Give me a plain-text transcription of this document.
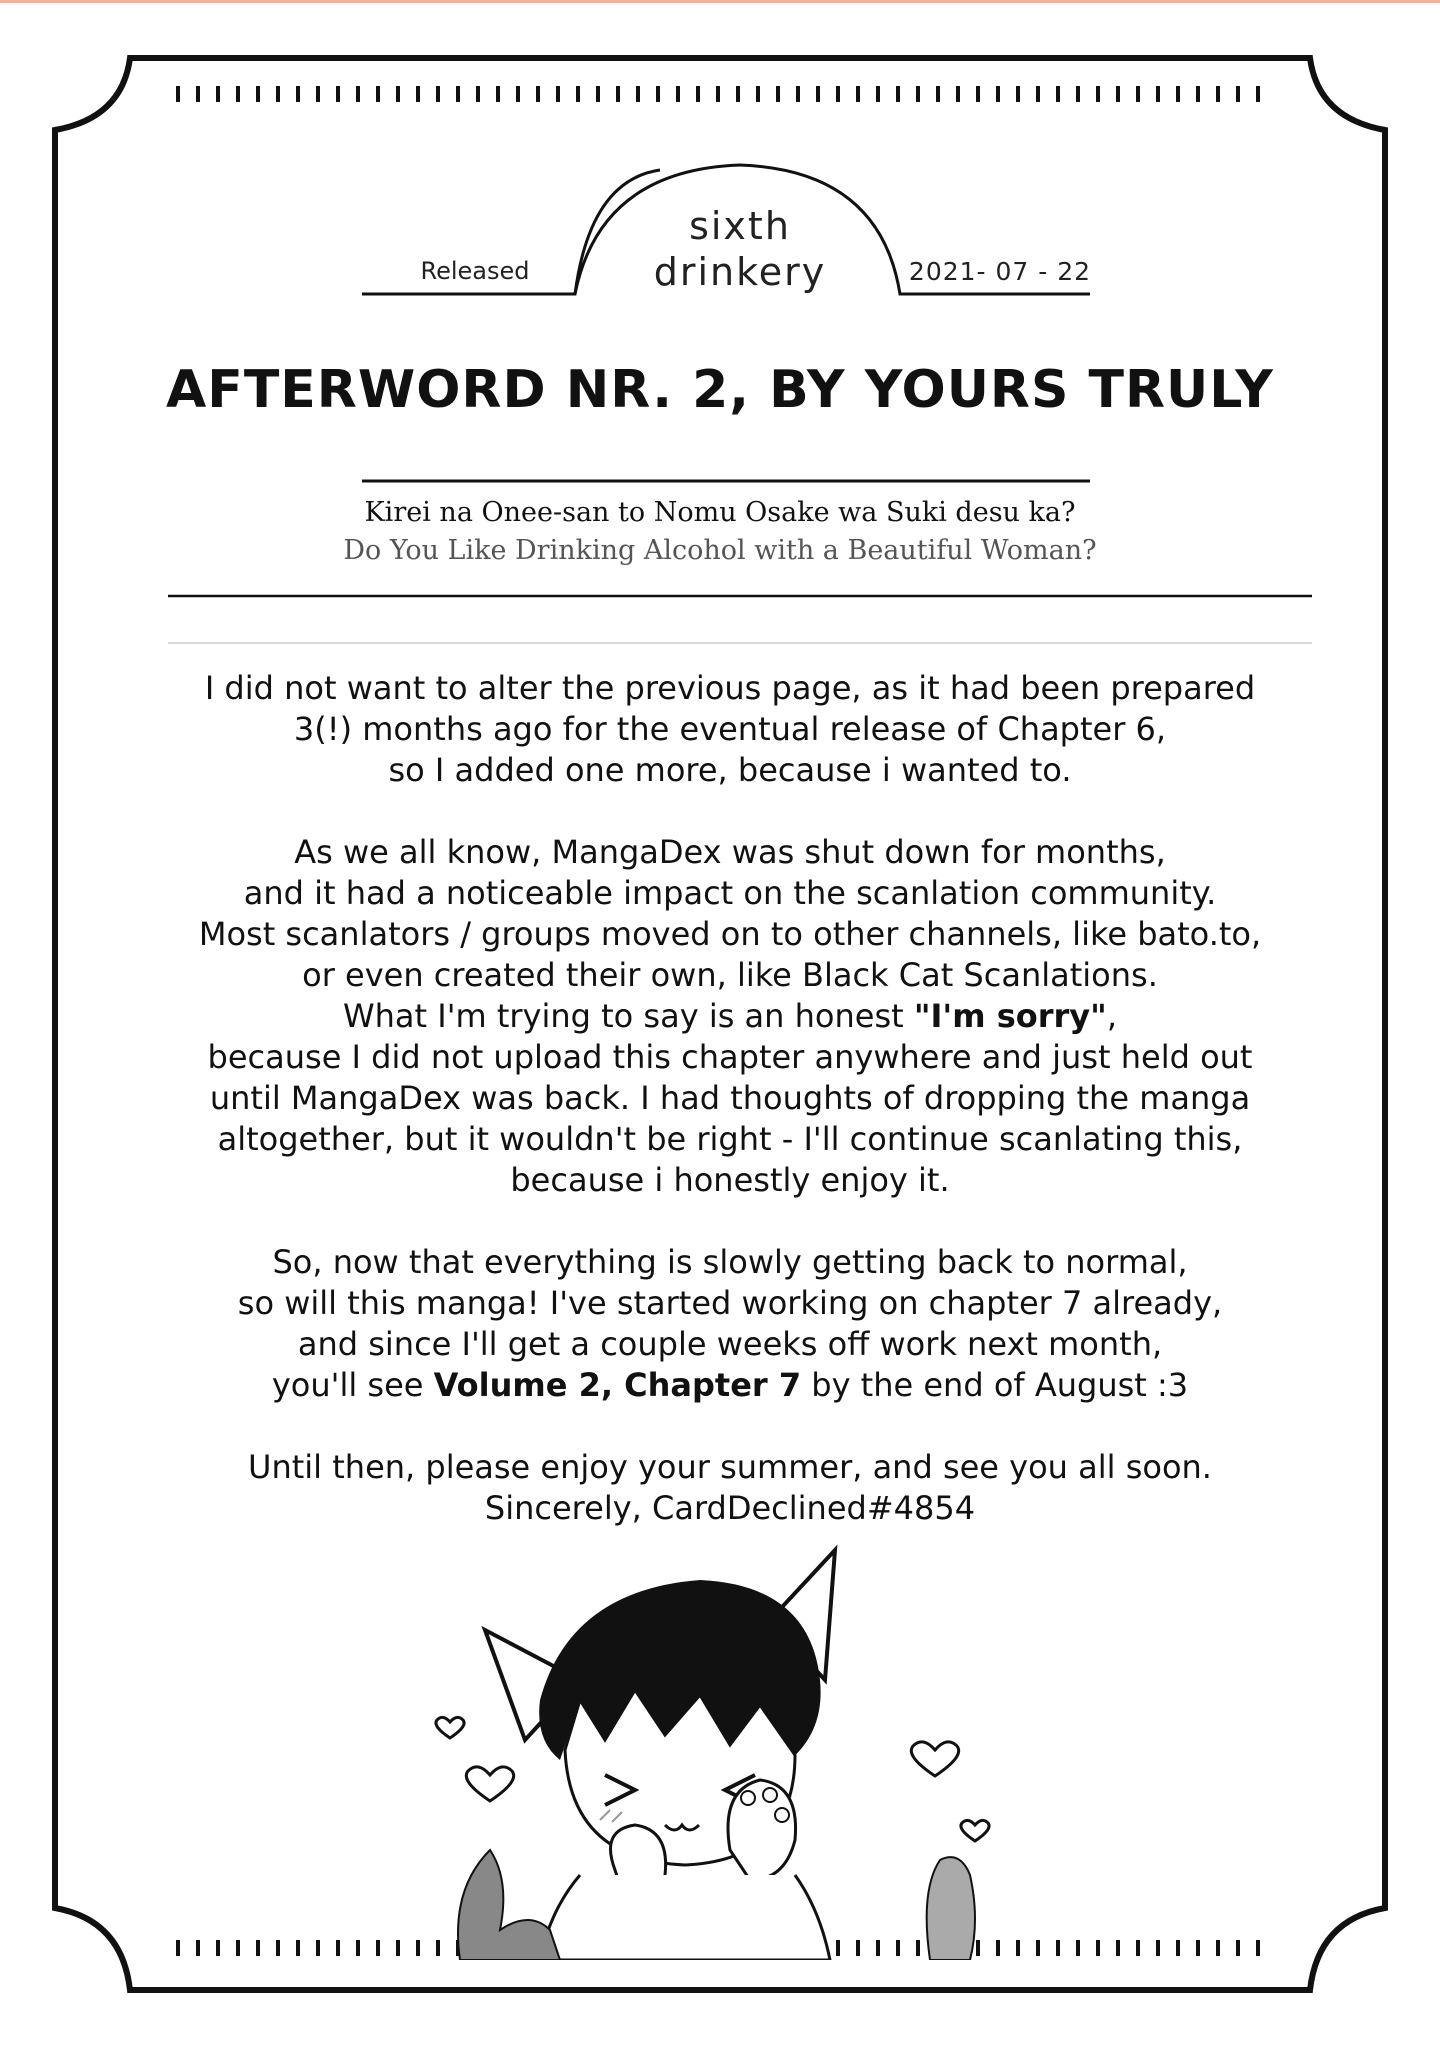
Released
sixth
drinkery	2021- 07 - 22
AFTERWORD NR. 2, BY YOURS TRULY
Kirei na Onee-san to Nomu Osake wa Suki desu ka?
Do You Like Drinking Alcohol with a Beautiful Woman?

I did not want to alter the previous page, as it had been prepared

3(!) months ago for the eventual release of Chapter 6,

so I added one more, because i wanted to.

As we all know, MangaDex was shut down for months,

and it had a noticeable impact on the scanlation community.

Most scanlators / groups moved on to other channels, like bato.to,

or even created their own, like Black Cat Scanlations.

What I'm trying to say is an honest "I'm sorry",

because I did not upload this chapter anywhere and just held out

until MangaDex was back. I had thoughts of dropping the manga

altogether, but it wouldn't be right - I'll continue scanlating this,

because i honestly enjoy it.

So, now that everything is slowly getting back to normal,

so will this manga! I've started working on chapter 7 already,

and since I'll get a couple weeks off work next month,

you'll see Volume 2, Chapter 7 by the end of August :3

Until then, please enjoy your summer, and see you all soon.

Sincerely, CardDeclined#4854
